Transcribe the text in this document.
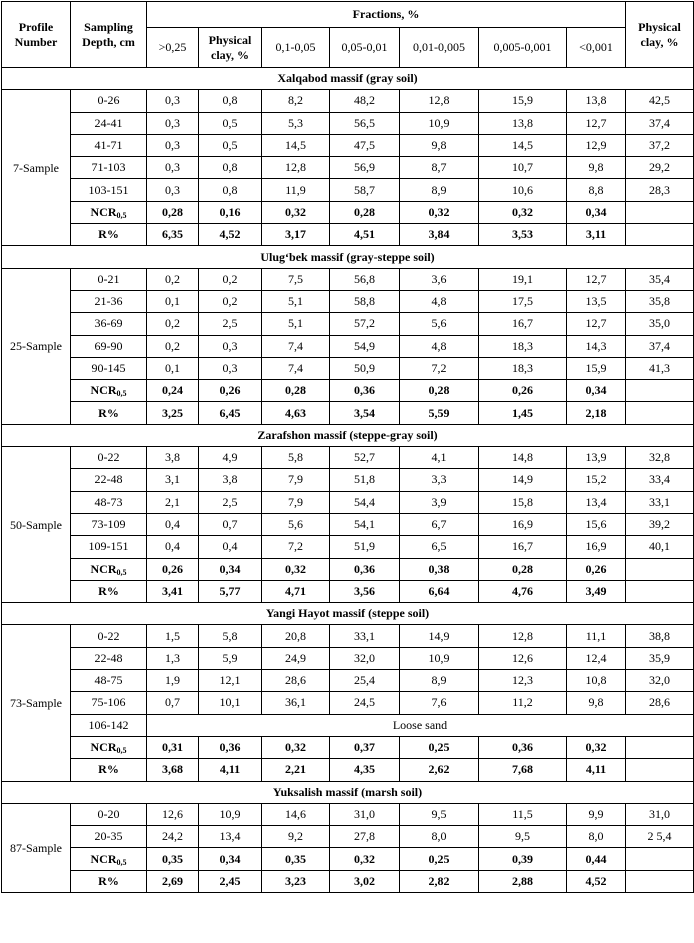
Profile Number	Sampling Depth, cm	Fractions, %							Physical clay, %
		>0,25	Physical clay, %	0,1-0,05	0,05-0,01	0,01-0,005	0,005-0,001	<0,001	
Xalqabod massif (gray soil)									
7-Sample	0-26	0,3	0,8	8,2	48,2	12,8	15,9	13,8	42,5
	24-41	0,3	0,5	5,3	56,5	10,9	13,8	12,7	37,4
	41-71	0,3	0,5	14,5	47,5	9,8	14,5	12,9	37,2
	71-103	0,3	0,8	12,8	56,9	8,7	10,7	9,8	29,2
	103-151	0,3	0,8	11,9	58,7	8,9	10,6	8,8	28,3
	$NCR_{0,5}$	0,28	0,16	0,32	0,28	0,32	0,32	0,34	
	R%	6,35	4,52	3,17	4,51	3,84	3,53	3,11	
Ulug‘bek massif (gray-steppe soil)									
25-Sample	0-21	0,2	0,2	7,5	56,8	3,6	19,1	12,7	35,4
	21-36	0,1	0,2	5,1	58,8	4,8	17,5	13,5	35,8
	36-69	0,2	2,5	5,1	57,2	5,6	16,7	12,7	35,0
	69-90	0,2	0,3	7,4	54,9	4,8	18,3	14,3	37,4
	90-145	0,1	0,3	7,4	50,9	7,2	18,3	15,9	41,3
	$NCR_{0,5}$	0,24	0,26	0,28	0,36	0,28	0,26	0,34	
	R%	3,25	6,45	4,63	3,54	5,59	1,45	2,18	
Zarafshon massif (steppe-gray soil)									
50-Sample	0-22	3,8	4,9	5,8	52,7	4,1	14,8	13,9	32,8
	22-48	3,1	3,8	7,9	51,8	3,3	14,9	15,2	33,4
	48-73	2,1	2,5	7,9	54,4	3,9	15,8	13,4	33,1
	73-109	0,4	0,7	5,6	54,1	6,7	16,9	15,6	39,2
	109-151	0,4	0,4	7,2	51,9	6,5	16,7	16,9	40,1
	$NCR_{0,5}$	0,26	0,34	0,32	0,36	0,38	0,28	0,26	
	R%	3,41	5,77	4,71	3,56	6,64	4,76	3,49	
Yangi Hayot massif (steppe soil)									
73-Sample	0-22	1,5	5,8	20,8	33,1	14,9	12,8	11,1	38,8
	22-48	1,3	5,9	24,9	32,0	10,9	12,6	12,4	35,9
	48-75	1,9	12,1	28,6	25,4	8,9	12,3	10,8	32,0
	75-106	0,7	10,1	36,1	24,5	7,6	11,2	9,8	28,6
	106-142	Loose sand							
	$NCR_{0,5}$	0,31	0,36	0,32	0,37	0,25	0,36	0,32	
	R%	3,68	4,11	2,21	4,35	2,62	7,68	4,11	
Yuksalish massif (marsh soil)									
87-Sample	0-20	12,6	10,9	14,6	31,0	9,5	11,5	9,9	31,0
	20-35	24,2	13,4	9,2	27,8	8,0	9,5	8,0	2 5,4
	$NCR_{0,5}$	0,35	0,34	0,35	0,32	0,25	0,39	0,44	
	R%	2,69	2,45	3,23	3,02	2,82	2,88	4,52	
